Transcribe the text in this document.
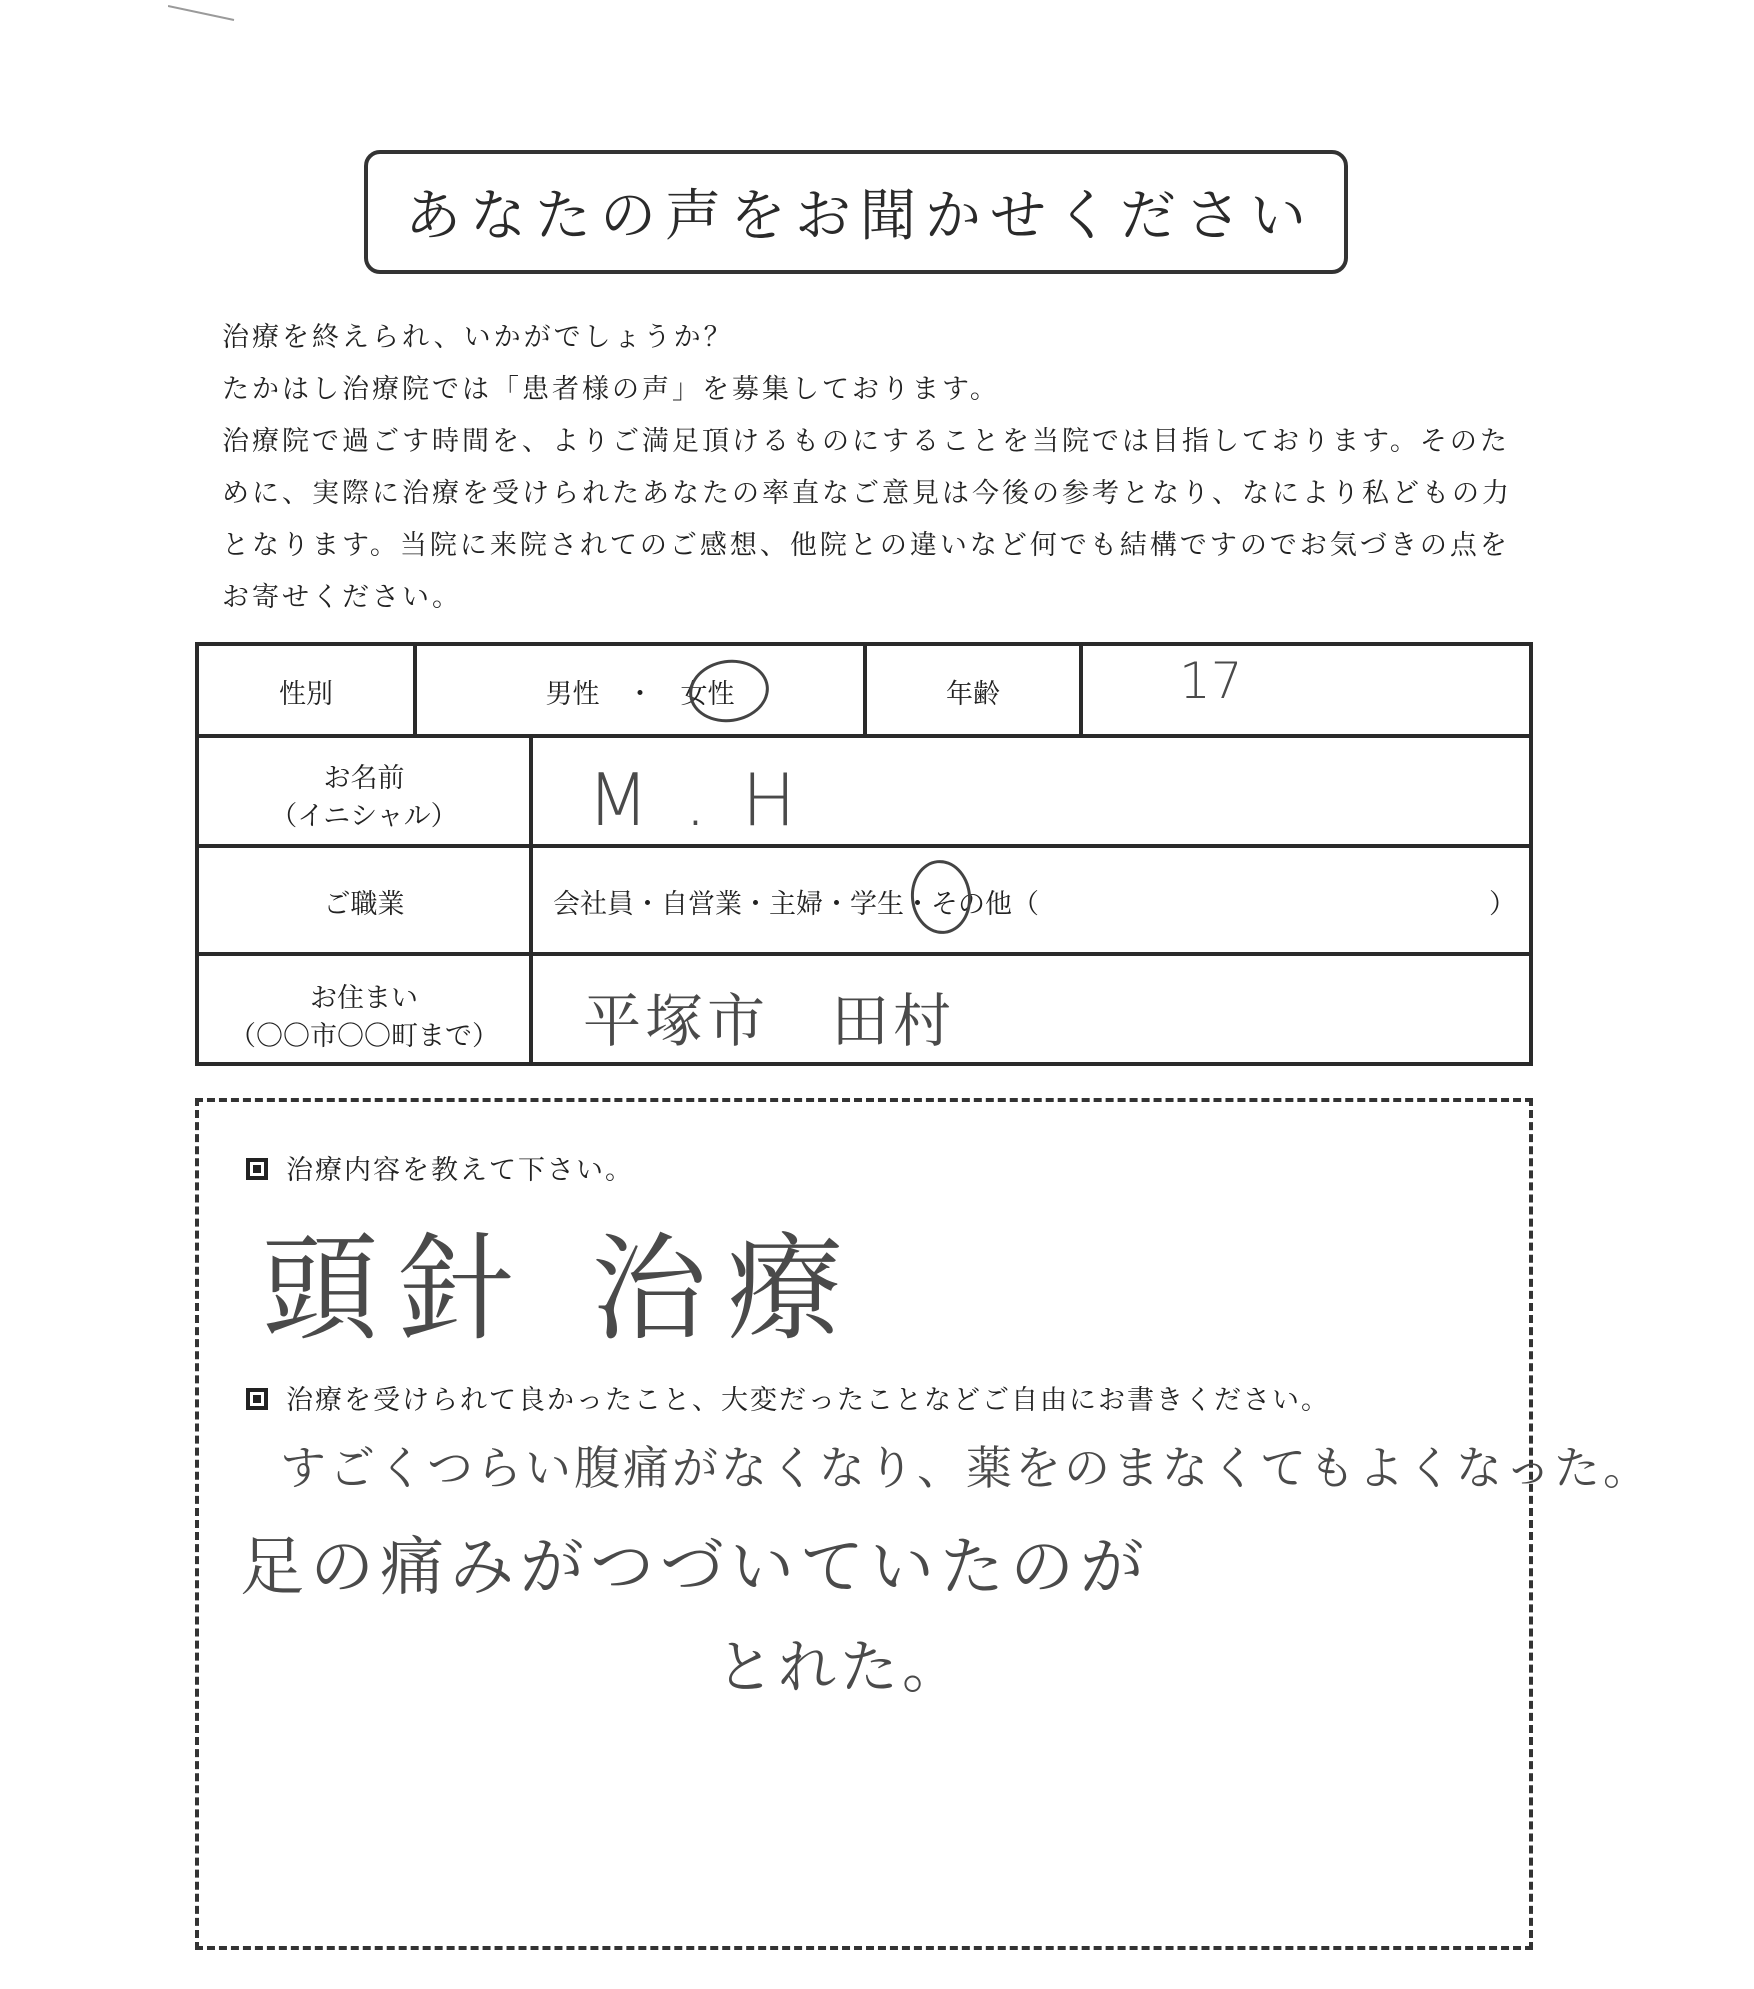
あなたの声をお聞かせください
治療を終えられ、いかがでしょうか？
たかはし治療院では「患者様の声」を募集しております。
治療院で過ごす時間を、よりご満足頂けるものにすることを当院では目指しております。そのた
めに、実際に治療を受けられたあなたの率直なご意見は今後の参考となり、なにより私どもの力
となります。当院に来院されてのご感想、他院との違いなど何でも結構ですのでお気づきの点を
お寄せください。
性別	男性　・　女性	年齢	17
お名前
（イニシャル）	M . H
ご職業	会社員・自営業・主婦・学生・その他（	）
お住まい
（〇〇市〇〇町まで）	平塚市　田村
治療内容を教えて下さい。
頭針 治療
治療を受けられて良かったこと、大変だったことなどご自由にお書きください。
すごくつらい腹痛がなくなり、薬をのまなくてもよくなった。
足の痛みがつづいていたのが
とれた。
